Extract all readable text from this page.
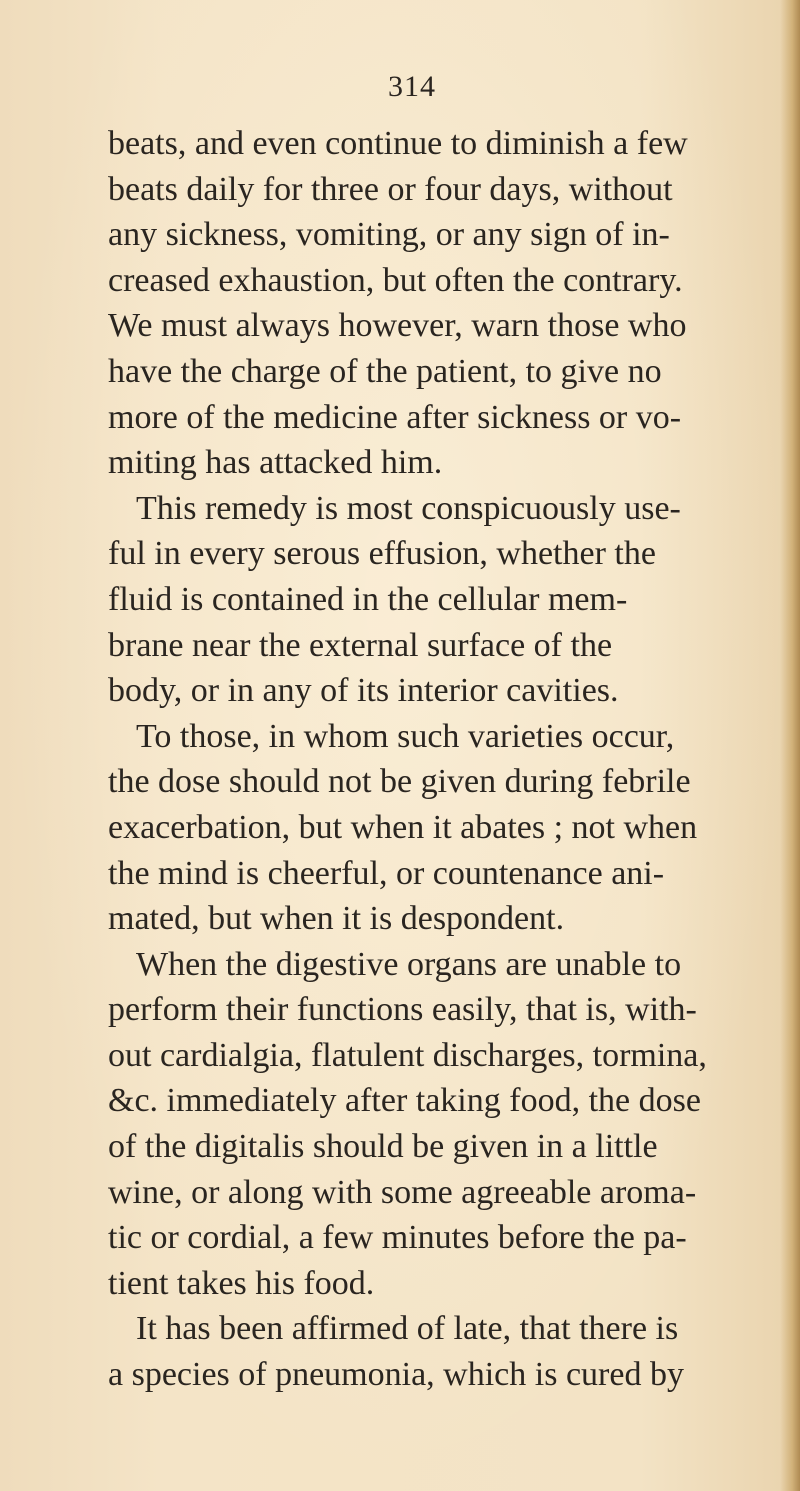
314
beats, and even continue to diminish a few
beats daily for three or four days, without
any sickness, vomiting, or any sign of in-
creased exhaustion, but often the contrary.
We must always however, warn those who
have the charge of the patient, to give no
more of the medicine after sickness or vo-
miting has attacked him.
This remedy is most conspicuously use-
ful in every serous effusion, whether the
fluid is contained in the cellular mem-
brane near the external surface of the
body, or in any of its interior cavities.
To those, in whom such varieties occur,
the dose should not be given during febrile
exacerbation, but when it abates ; not when
the mind is cheerful, or countenance ani-
mated, but when it is despondent.
When the digestive organs are unable to
perform their functions easily, that is, with-
out cardialgia, flatulent discharges, tormina,
&c. immediately after taking food, the dose
of the digitalis should be given in a little
wine, or along with some agreeable aroma-
tic or cordial, a few minutes before the pa-
tient takes his food.
It has been affirmed of late, that there is
a species of pneumonia, which is cured by
